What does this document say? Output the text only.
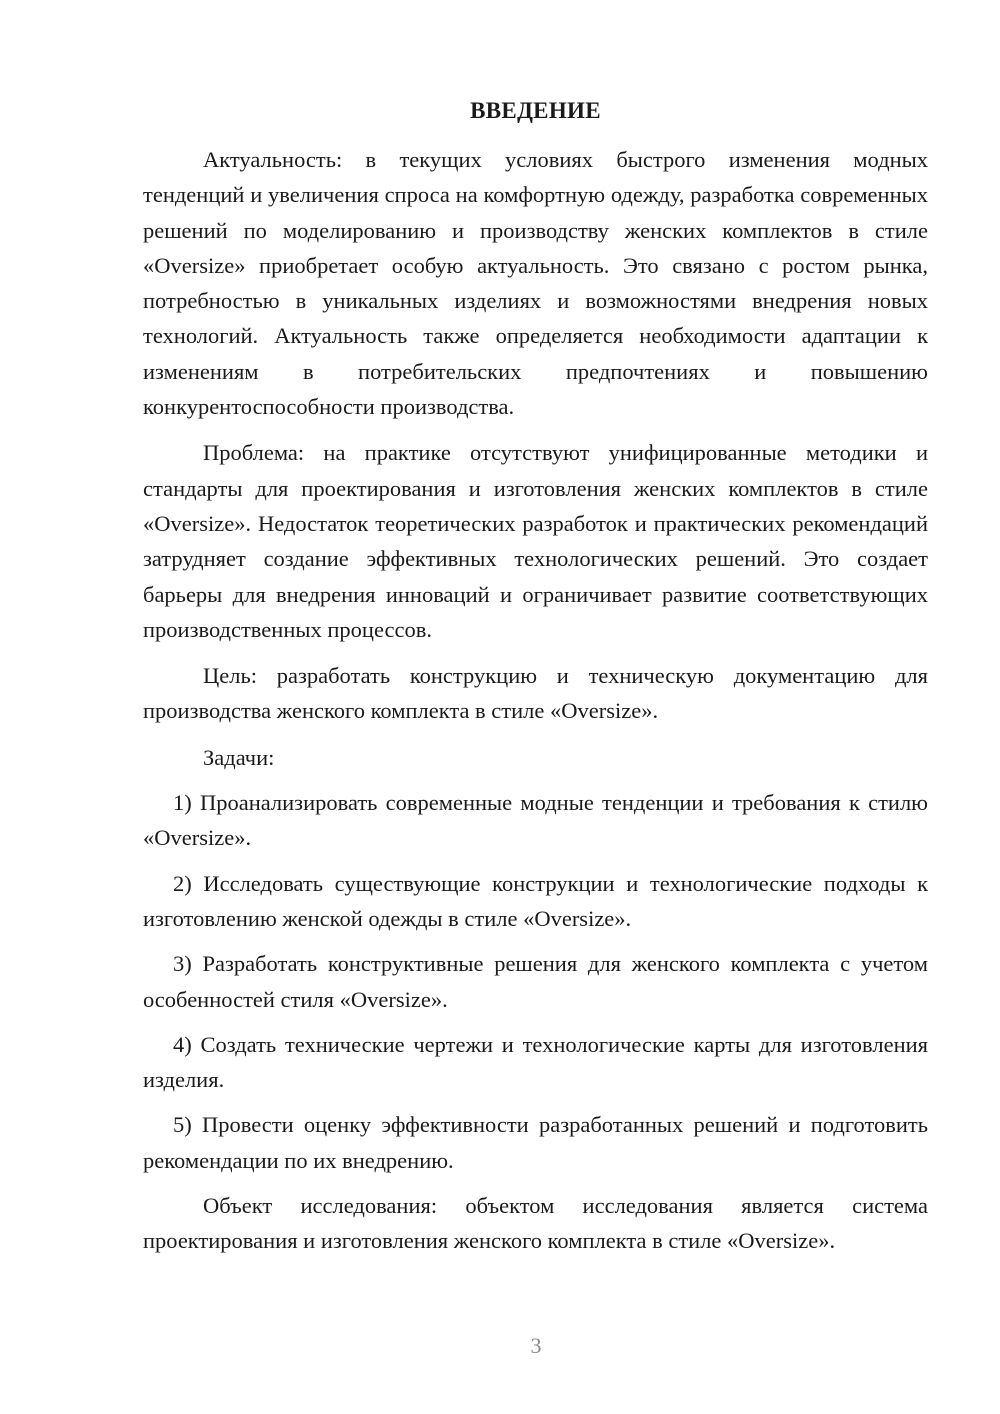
ВВЕДЕНИЕ

Актуальность: в текущих условиях быстрого изменения модных тенденций и увеличения спроса на комфортную одежду, разработка современных решений по моделированию и производству женских комплектов в стиле «Oversize» приобретает особую актуальность. Это связано с ростом рынка, потребностью в уникальных изделиях и возможностями внедрения новых технологий. Актуальность также определяется необходимости адаптации к изменениям в потребительских предпочтениях и повышению конкурентоспособности производства.

Проблема: на практике отсутствуют унифицированные методики и стандарты для проектирования и изготовления женских комплектов в стиле «Oversize». Недостаток теоретических разработок и практических рекомендаций затрудняет создание эффективных технологических решений. Это создает барьеры для внедрения инноваций и ограничивает развитие соответствующих производственных процессов.

Цель: разработать конструкцию и техническую документацию для производства женского комплекта в стиле «Oversize».

Задачи:

1) Проанализировать современные модные тенденции и требования к стилю «Oversize».

2) Исследовать существующие конструкции и технологические подходы к изготовлению женской одежды в стиле «Oversize».

3) Разработать конструктивные решения для женского комплекта с учетом особенностей стиля «Oversize».

4) Создать технические чертежи и технологические карты для изготовления изделия.

5) Провести оценку эффективности разработанных решений и подготовить рекомендации по их внедрению.

Объект исследования: объектом исследования является система проектирования и изготовления женского комплекта в стиле «Oversize».

3
